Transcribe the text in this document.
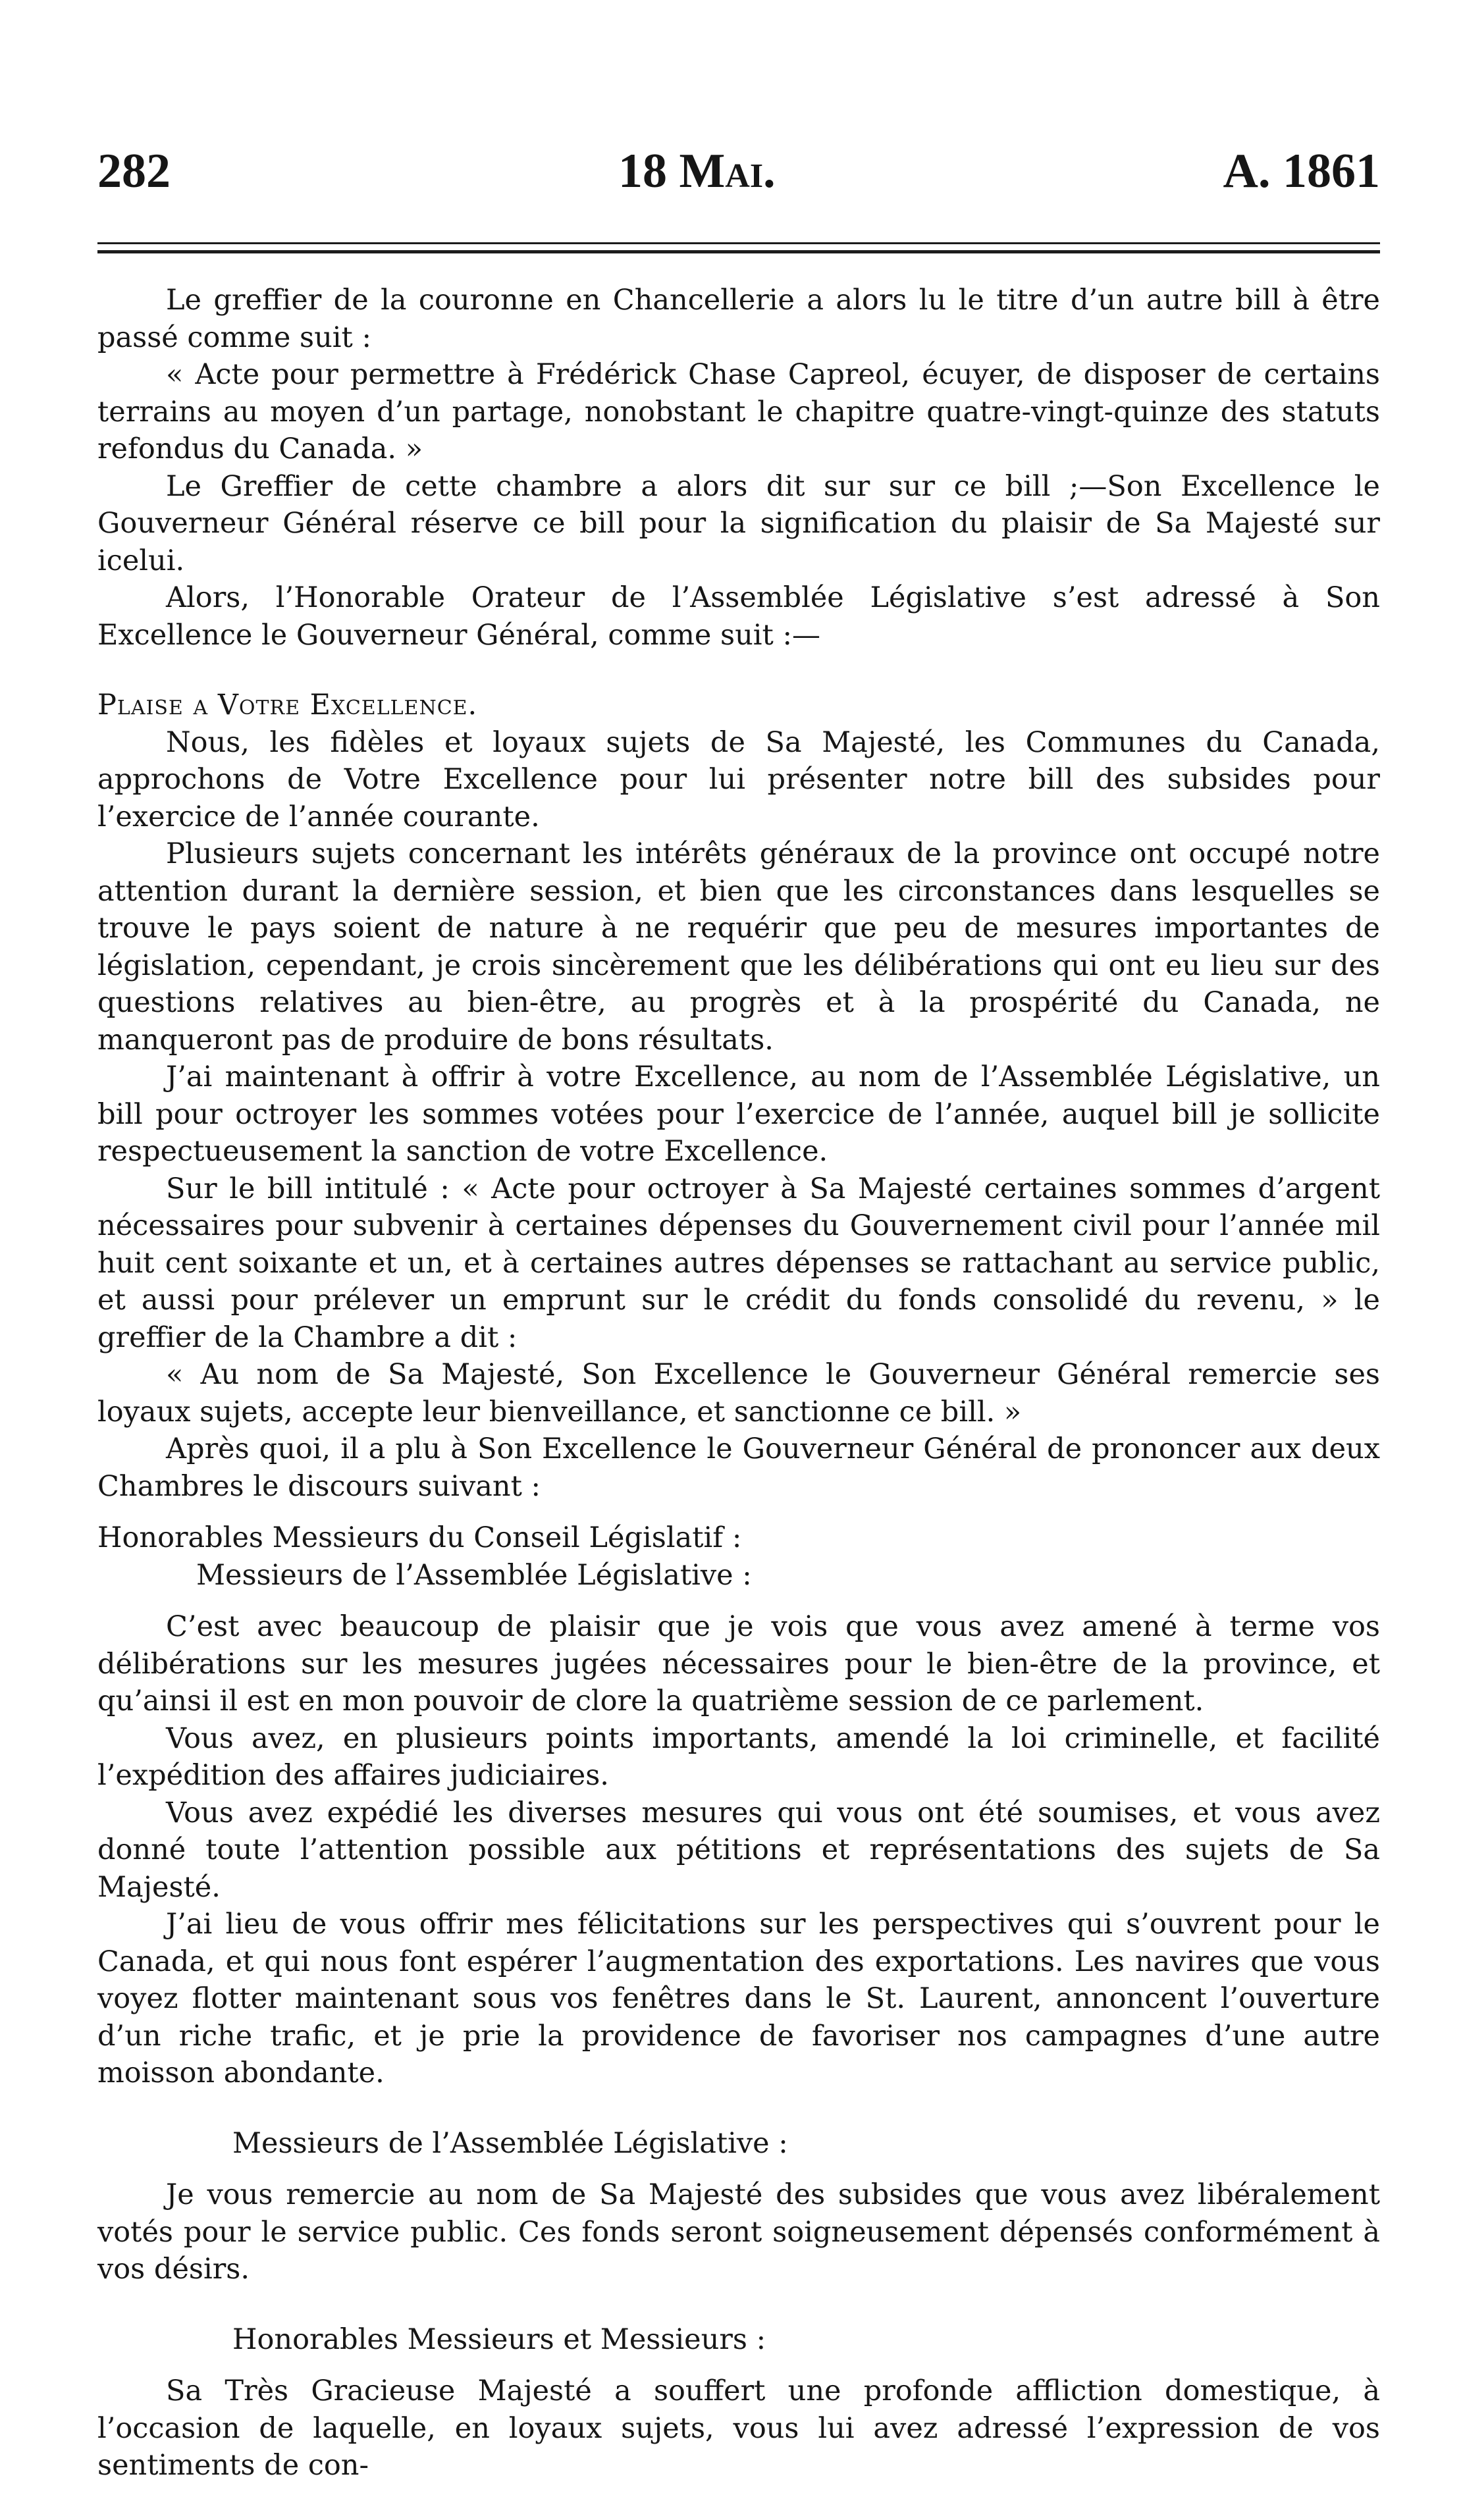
282	18 Mai.	A. 1861

Le greffier de la couronne en Chancellerie a alors lu le titre d’un autre bill à être passé comme suit :

« Acte pour permettre à Frédérick Chase Capreol, écuyer, de disposer de certains terrains au moyen d’un partage, nonobstant le chapitre quatre-vingt-quinze des statuts refondus du Canada. »

Le Greffier de cette chambre a alors dit sur sur ce bill ;—Son Excellence le Gouverneur Général réserve ce bill pour la signification du plaisir de Sa Majesté sur icelui.

Alors, l’Honorable Orateur de l’Assemblée Législative s’est adressé à Son Excellence le Gouverneur Général, comme suit :—

Plaise a Votre Excellence.

Nous, les fidèles et loyaux sujets de Sa Majesté, les Communes du Canada, approchons de Votre Excellence pour lui présenter notre bill des subsides pour l’exercice de l’année courante.

Plusieurs sujets concernant les intérêts généraux de la province ont occupé notre attention durant la dernière session, et bien que les circonstances dans lesquelles se trouve le pays soient de nature à ne requérir que peu de mesures importantes de législation, cependant, je crois sincèrement que les délibérations qui ont eu lieu sur des questions relatives au bien-être, au progrès et à la prospérité du Canada, ne manqueront pas de produire de bons résultats.

J’ai maintenant à offrir à votre Excellence, au nom de l’Assemblée Législative, un bill pour octroyer les sommes votées pour l’exercice de l’année, auquel bill je sollicite respectueusement la sanction de votre Excellence.

Sur le bill intitulé : « Acte pour octroyer à Sa Majesté certaines sommes d’argent nécessaires pour subvenir à certaines dépenses du Gouvernement civil pour l’année mil huit cent soixante et un, et à certaines autres dépenses se rattachant au service public, et aussi pour prélever un emprunt sur le crédit du fonds consolidé du revenu, » le greffier de la Chambre a dit :

« Au nom de Sa Majesté, Son Excellence le Gouverneur Général remercie ses loyaux sujets, accepte leur bienveillance, et sanctionne ce bill. »

Après quoi, il a plu à Son Excellence le Gouverneur Général de prononcer aux deux Chambres le discours suivant :

Honorables Messieurs du Conseil Législatif :

Messieurs de l’Assemblée Législative :

C’est avec beaucoup de plaisir que je vois que vous avez amené à terme vos délibérations sur les mesures jugées nécessaires pour le bien-être de la province, et qu’ainsi il est en mon pouvoir de clore la quatrième session de ce parlement.

Vous avez, en plusieurs points importants, amendé la loi criminelle, et facilité l’expédition des affaires judiciaires.

Vous avez expédié les diverses mesures qui vous ont été soumises, et vous avez donné toute l’attention possible aux pétitions et représentations des sujets de Sa Majesté.

J’ai lieu de vous offrir mes félicitations sur les perspectives qui s’ouvrent pour le Canada, et qui nous font espérer l’augmentation des exportations. Les navires que vous voyez flotter maintenant sous vos fenêtres dans le St. Laurent, annoncent l’ouverture d’un riche trafic, et je prie la providence de favoriser nos campagnes d’une autre moisson abondante.

Messieurs de l’Assemblée Législative :

Je vous remercie au nom de Sa Majesté des subsides que vous avez libéralement votés pour le service public. Ces fonds seront soigneusement dépensés conformément à vos désirs.

Honorables Messieurs et Messieurs :

Sa Très Gracieuse Majesté a souffert une profonde affliction domestique, à l’occasion de laquelle, en loyaux sujets, vous lui avez adressé l’expression de vos sentiments de con-
